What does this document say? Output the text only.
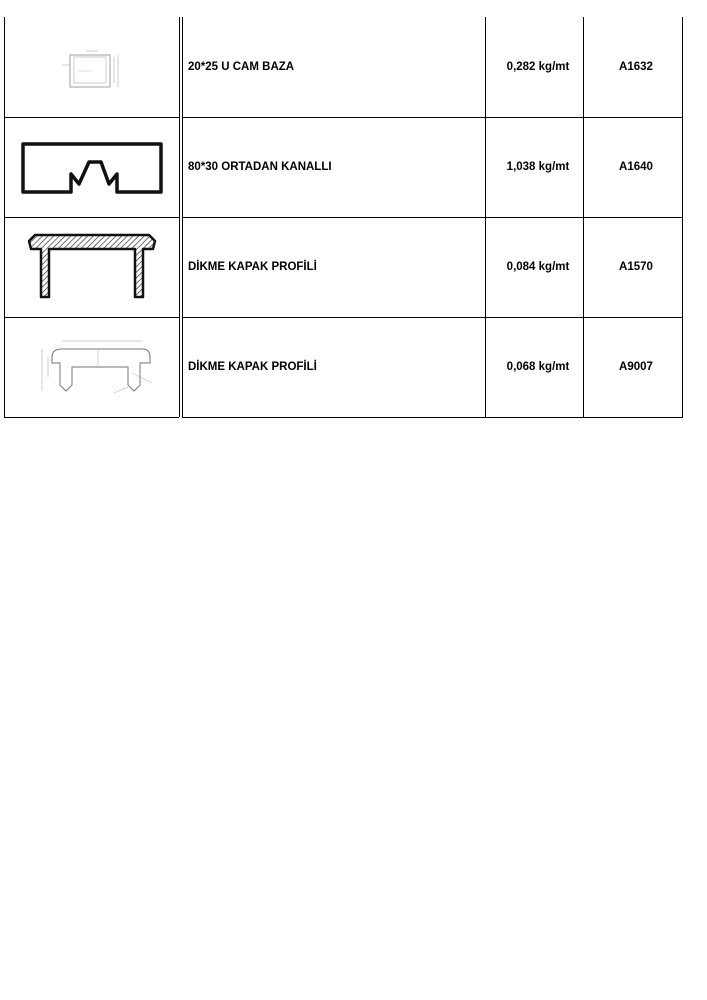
20*25 U CAM BAZA	0,282 kg/mt	A1632
80*30 ORTADAN KANALLI	1,038 kg/mt	A1640
DİKME KAPAK PROFİLİ	0,084 kg/mt	A1570
DİKME KAPAK PROFİLİ	0,068 kg/mt	A9007
